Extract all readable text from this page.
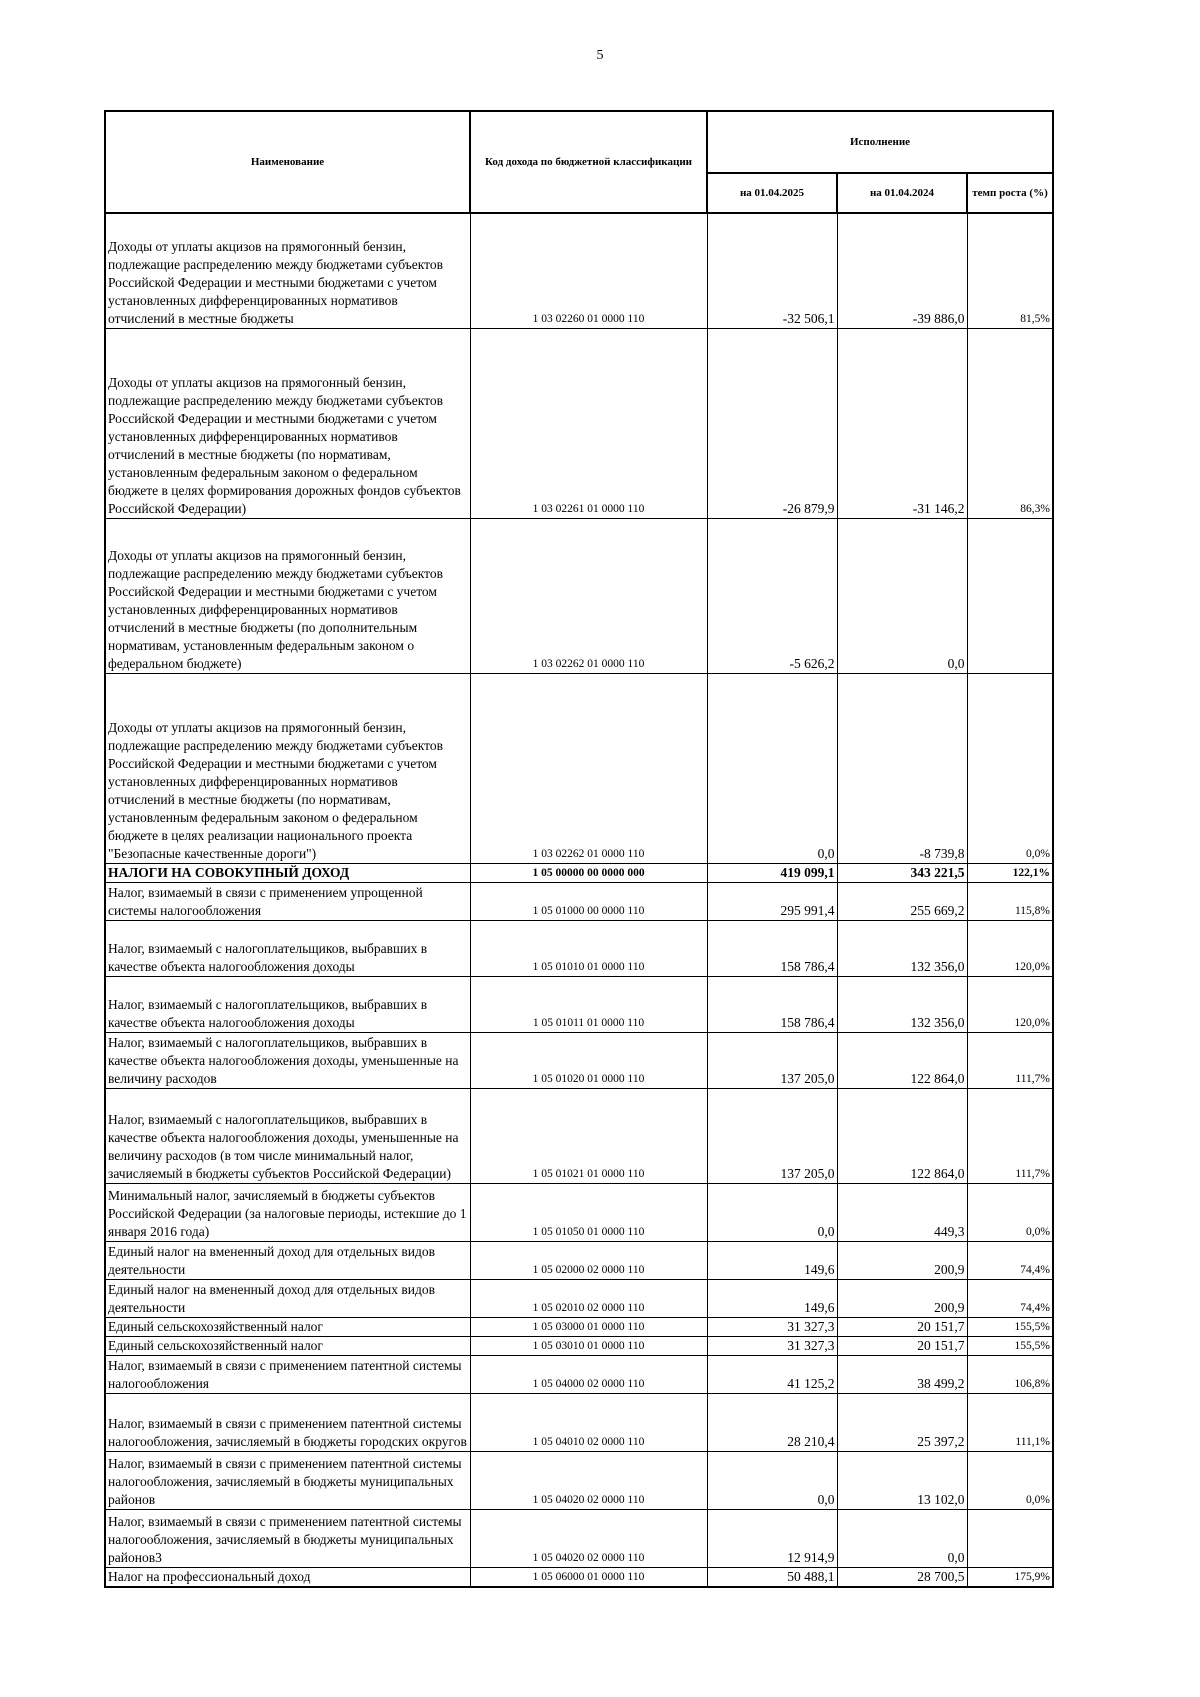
5
Наименование	Код дохода по бюджетной классификации	Исполнение		
		на 01.04.2025	на 01.04.2024	темп роста (%)
Доходы от уплаты акцизов на прямогонный бензин, подлежащие распределению между бюджетами субъектов Российской Федерации и местными бюджетами с учетом установленных дифференцированных нормативов отчислений в местные бюджеты	1 03 02260 01 0000 110	-32 506,1	-39 886,0	81,5%
Доходы от уплаты акцизов на прямогонный бензин, подлежащие распределению между бюджетами субъектов Российской Федерации и местными бюджетами с учетом установленных дифференцированных нормативов отчислений в местные бюджеты (по нормативам, установленным федеральным законом о федеральном бюджете в целях формирования дорожных фондов субъектов Российской Федерации)	1 03 02261 01 0000 110	-26 879,9	-31 146,2	86,3%
Доходы от уплаты акцизов на прямогонный бензин, подлежащие распределению между бюджетами субъектов Российской Федерации и местными бюджетами с учетом установленных дифференцированных нормативов отчислений в местные бюджеты (по дополнительным нормативам, установленным федеральным законом о федеральном бюджете)	1 03 02262 01 0000 110	-5 626,2	0,0	
Доходы от уплаты акцизов на прямогонный бензин, подлежащие распределению между бюджетами субъектов Российской Федерации и местными бюджетами с учетом установленных дифференцированных нормативов отчислений в местные бюджеты (по нормативам, установленным федеральным законом о федеральном бюджете в целях реализации национального проекта "Безопасные качественные дороги")	1 03 02262 01 0000 110	0,0	-8 739,8	0,0%
НАЛОГИ НА СОВОКУПНЫЙ ДОХОД	1 05 00000 00 0000 000	419 099,1	343 221,5	122,1%
Налог, взимаемый в связи с применением упрощенной системы налогообложения	1 05 01000 00 0000 110	295 991,4	255 669,2	115,8%
Налог, взимаемый с налогоплательщиков, выбравших в качестве объекта налогообложения доходы	1 05 01010 01 0000 110	158 786,4	132 356,0	120,0%
Налог, взимаемый с налогоплательщиков, выбравших в качестве объекта налогообложения доходы	1 05 01011 01 0000 110	158 786,4	132 356,0	120,0%
Налог, взимаемый с налогоплательщиков, выбравших в качестве объекта налогообложения доходы, уменьшенные на величину расходов	1 05 01020 01 0000 110	137 205,0	122 864,0	111,7%
Налог, взимаемый с налогоплательщиков, выбравших в качестве объекта налогообложения доходы, уменьшенные на величину расходов (в том числе минимальный налог, зачисляемый в бюджеты субъектов Российской Федерации)	1 05 01021 01 0000 110	137 205,0	122 864,0	111,7%
Минимальный налог, зачисляемый в бюджеты субъектов Российской Федерации (за налоговые периоды, истекшие до 1 января 2016 года)	1 05 01050 01 0000 110	0,0	449,3	0,0%
Единый налог на вмененный доход для отдельных видов деятельности	1 05 02000 02 0000 110	149,6	200,9	74,4%
Единый налог на вмененный доход для отдельных видов деятельности	1 05 02010 02 0000 110	149,6	200,9	74,4%
Единый сельскохозяйственный налог	1 05 03000 01 0000 110	31 327,3	20 151,7	155,5%
Единый сельскохозяйственный налог	1 05 03010 01 0000 110	31 327,3	20 151,7	155,5%
Налог, взимаемый в связи с применением патентной системы налогообложения	1 05 04000 02 0000 110	41 125,2	38 499,2	106,8%
Налог, взимаемый в связи с применением патентной системы налогообложения, зачисляемый в бюджеты городских округов	1 05 04010 02 0000 110	28 210,4	25 397,2	111,1%
Налог, взимаемый в связи с применением патентной системы налогообложения, зачисляемый в бюджеты муниципальных районов	1 05 04020 02 0000 110	0,0	13 102,0	0,0%
Налог, взимаемый в связи с применением патентной системы налогообложения, зачисляемый в бюджеты муниципальных районов3	1 05 04020 02 0000 110	12 914,9	0,0	
Налог на профессиональный доход	1 05 06000 01 0000 110	50 488,1	28 700,5	175,9%
